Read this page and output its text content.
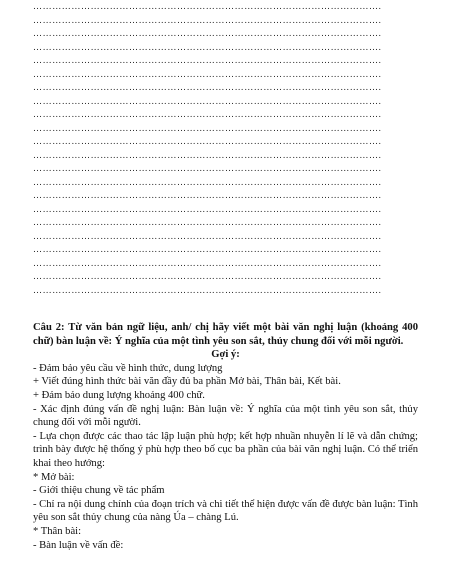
……………………………………………………………………………………………….
……………………………………………………………………………………………….
……………………………………………………………………………………………….
……………………………………………………………………………………………….
……………………………………………………………………………………………….
……………………………………………………………………………………………….
……………………………………………………………………………………………….
……………………………………………………………………………………………….
……………………………………………………………………………………………….
……………………………………………………………………………………………….
……………………………………………………………………………………………….
……………………………………………………………………………………………….
……………………………………………………………………………………………….
……………………………………………………………………………………………….
……………………………………………………………………………………………….
……………………………………………………………………………………………….
……………………………………………………………………………………………….
……………………………………………………………………………………………….
……………………………………………………………………………………………….
……………………………………………………………………………………………….
……………………………………………………………………………………………….
……………………………………………………………………………………………….
Câu 2: Từ văn bản ngữ liệu, anh/ chị hãy viết một bài văn nghị luận (khoảng 400 chữ) bàn luận về: Ý nghĩa của một tình yêu son sắt, thủy chung đối với mỗi người.
Gợi ý:

- Đảm bảo yêu cầu về hình thức, dung lượng

+ Viết đúng hình thức bài văn đầy đủ ba phần Mở bài, Thân bài, Kết bài.

+ Đảm bảo dung lượng khoảng 400 chữ.

- Xác định đúng vấn đề nghị luận: Bàn luận về: Ý nghĩa của một tình yêu son sắt, thủy chung đối với mỗi người.

- Lựa chọn được các thao tác lập luận phù hợp; kết hợp nhuần nhuyễn lí lẽ và dẫn chứng; trình bày được hệ thống ý phù hợp theo bố cục ba phần của bài văn nghị luận. Có thể triển khai theo hướng:

* Mở bài:

- Giới thiệu chung về tác phẩm

- Chỉ ra nội dung chính của đoạn trích và chi tiết thể hiện được vấn đề được bàn luận: Tình yêu son sắt thủy chung của nàng Úa – chàng Lú.

* Thân bài:

- Bàn luận về vấn đề:
